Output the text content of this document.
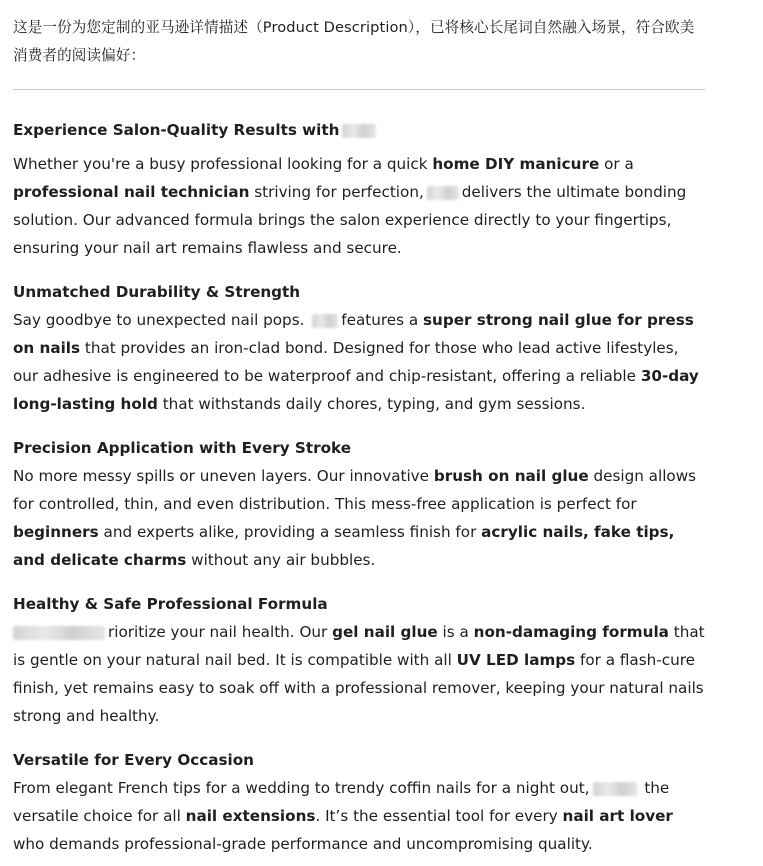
这是一份为您定制的亚马逊详情描述（Product Description），已将核心长尾词自然融入场景，符合欧美消费者的阅读偏好：

Experience Salon-Quality Results with

Whether you're a busy professional looking for a quick home DIY manicure or a professional nail technician striving for perfection,	delivers the ultimate bonding solution. Our advanced formula brings the salon experience directly to your fingertips, ensuring your nail art remains flawless and secure.

Unmatched Durability & Strength

Say goodbye to unexpected nail pops. features a super strong nail glue for press on nails that provides an iron-clad bond. Designed for those who lead active lifestyles, our adhesive is engineered to be waterproof and chip-resistant, offering a reliable 30-day long-lasting hold that withstands daily chores, typing, and gym sessions.

Precision Application with Every Stroke

No more messy spills or uneven layers. Our innovative brush on nail glue design allows for controlled, thin, and even distribution. This mess-free application is perfect for beginners and experts alike, providing a seamless finish for acrylic nails, fake tips, and delicate charms without any air bubbles.

Healthy & Safe Professional Formula

rioritize your nail health. Our gel nail glue is a non-damaging formula that is gentle on your natural nail bed. It is compatible with all UV LED lamps for a flash-cure finish, yet remains easy to soak off with a professional remover, keeping your natural nails strong and healthy.

Versatile for Every Occasion

From elegant French tips for a wedding to trendy coffin nails for a night out,	the versatile choice for all nail extensions. It’s the essential tool for every nail art lover who demands professional-grade performance and uncompromising quality.
